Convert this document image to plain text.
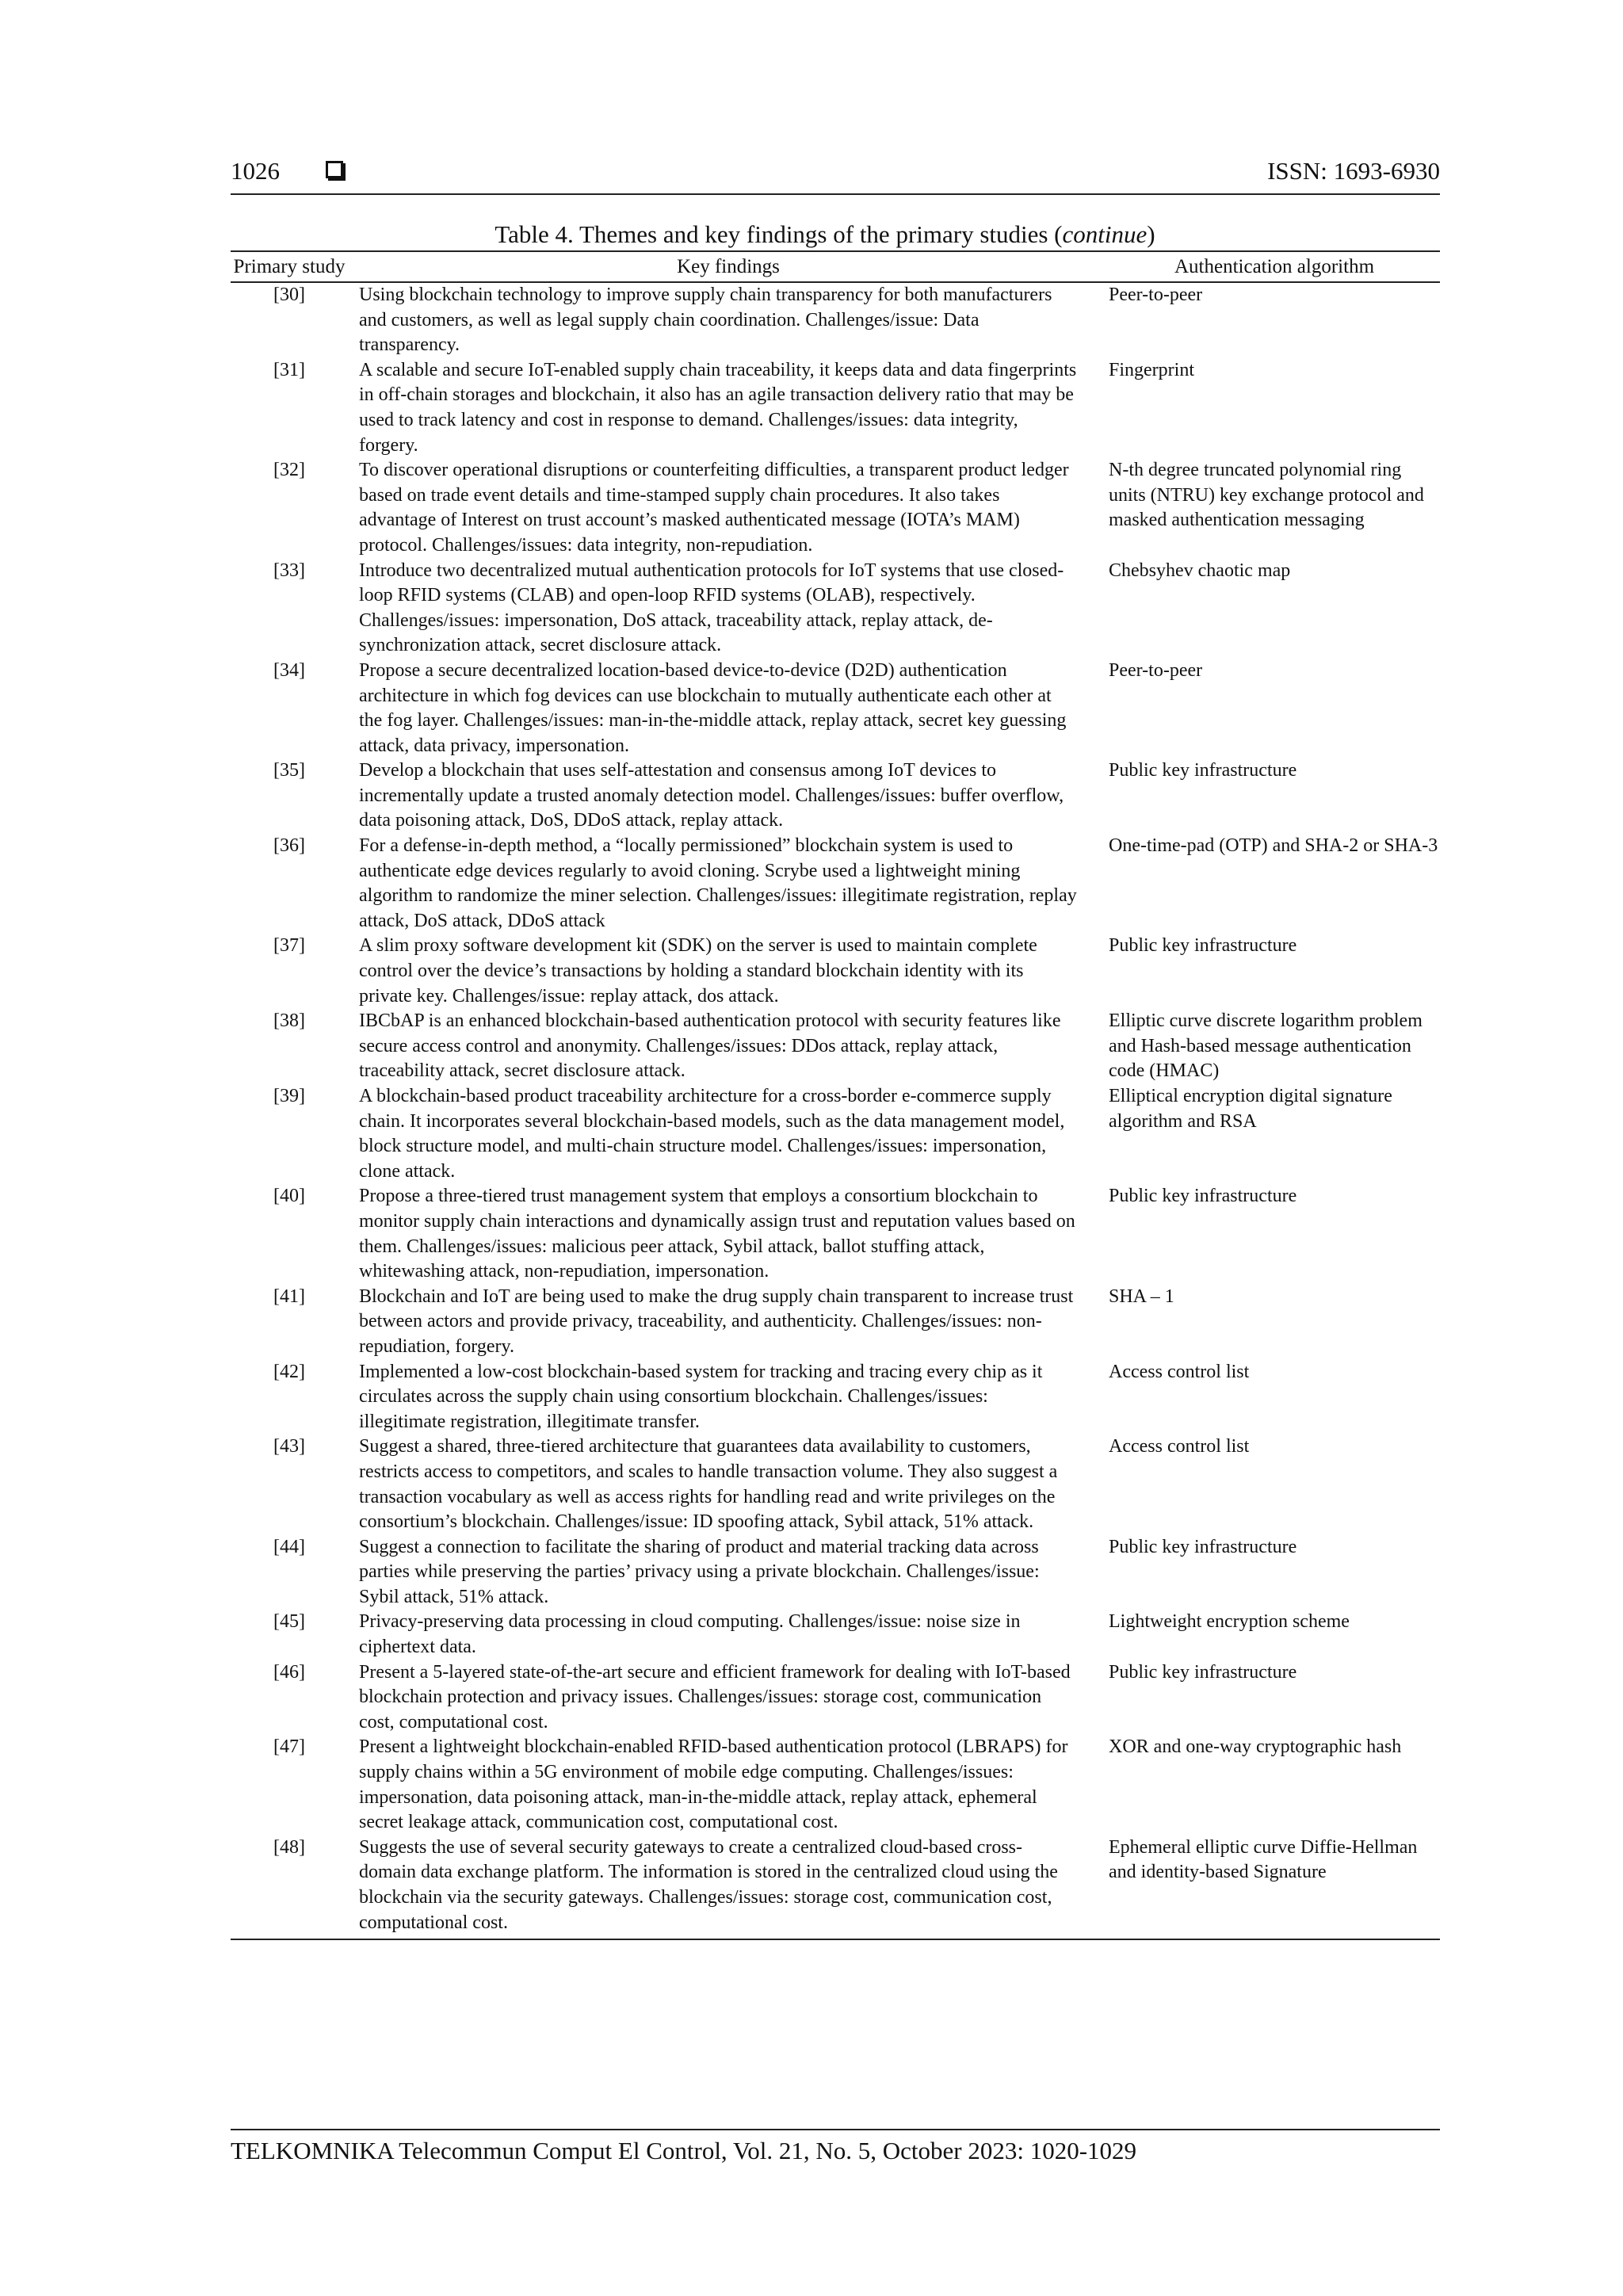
1026	ISSN: 1693-6930
Table 4. Themes and key findings of the primary studies (continue)
Primary study	Key findings	Authentication algorithm
[30]	Using blockchain technology to improve supply chain transparency for both manufacturers and customers, as well as legal supply chain coordination. Challenges/issue: Data transparency.	Peer-to-peer
[31]	A scalable and secure IoT-enabled supply chain traceability, it keeps data and data fingerprints in off-chain storages and blockchain, it also has an agile transaction delivery ratio that may be used to track latency and cost in response to demand. Challenges/issues: data integrity, forgery.	Fingerprint
[32]	To discover operational disruptions or counterfeiting difficulties, a transparent product ledger based on trade event details and time-stamped supply chain procedures. It also takes advantage of Interest on trust account’s masked authenticated message (IOTA’s MAM) protocol. Challenges/issues: data integrity, non-repudiation.	N-th degree truncated polynomial ring units (NTRU) key exchange protocol and masked authentication messaging
[33]	Introduce two decentralized mutual authentication protocols for IoT systems that use closed-loop RFID systems (CLAB) and open-loop RFID systems (OLAB), respectively. Challenges/issues: impersonation, DoS attack, traceability attack, replay attack, de-synchronization attack, secret disclosure attack.	Chebsyhev chaotic map
[34]	Propose a secure decentralized location-based device-to-device (D2D) authentication architecture in which fog devices can use blockchain to mutually authenticate each other at the fog layer. Challenges/issues: man-in-the-middle attack, replay attack, secret key guessing attack, data privacy, impersonation.	Peer-to-peer
[35]	Develop a blockchain that uses self-attestation and consensus among IoT devices to incrementally update a trusted anomaly detection model. Challenges/issues: buffer overflow, data poisoning attack, DoS, DDoS attack, replay attack.	Public key infrastructure
[36]	For a defense-in-depth method, a “locally permissioned” blockchain system is used to authenticate edge devices regularly to avoid cloning. Scrybe used a lightweight mining algorithm to randomize the miner selection. Challenges/issues: illegitimate registration, replay attack, DoS attack, DDoS attack	One-time-pad (OTP) and SHA-2 or SHA-3
[37]	A slim proxy software development kit (SDK) on the server is used to maintain complete control over the device’s transactions by holding a standard blockchain identity with its private key. Challenges/issue: replay attack, dos attack.	Public key infrastructure
[38]	IBCbAP is an enhanced blockchain-based authentication protocol with security features like secure access control and anonymity. Challenges/issues: DDos attack, replay attack, traceability attack, secret disclosure attack.	Elliptic curve discrete logarithm problem and Hash-based message authentication code (HMAC)
[39]	A blockchain-based product traceability architecture for a cross-border e-commerce supply chain. It incorporates several blockchain-based models, such as the data management model, block structure model, and multi-chain structure model. Challenges/issues: impersonation, clone attack.	Elliptical encryption digital signature algorithm and RSA
[40]	Propose a three-tiered trust management system that employs a consortium blockchain to monitor supply chain interactions and dynamically assign trust and reputation values based on them. Challenges/issues: malicious peer attack, Sybil attack, ballot stuffing attack, whitewashing attack, non-repudiation, impersonation.	Public key infrastructure
[41]	Blockchain and IoT are being used to make the drug supply chain transparent to increase trust between actors and provide privacy, traceability, and authenticity. Challenges/issues: non-repudiation, forgery.	SHA – 1
[42]	Implemented a low-cost blockchain-based system for tracking and tracing every chip as it circulates across the supply chain using consortium blockchain. Challenges/issues: illegitimate registration, illegitimate transfer.	Access control list
[43]	Suggest a shared, three-tiered architecture that guarantees data availability to customers, restricts access to competitors, and scales to handle transaction volume. They also suggest a transaction vocabulary as well as access rights for handling read and write privileges on the consortium’s blockchain. Challenges/issue: ID spoofing attack, Sybil attack, 51% attack.	Access control list
[44]	Suggest a connection to facilitate the sharing of product and material tracking data across parties while preserving the parties’ privacy using a private blockchain. Challenges/issue: Sybil attack, 51% attack.	Public key infrastructure
[45]	Privacy-preserving data processing in cloud computing. Challenges/issue: noise size in ciphertext data.	Lightweight encryption scheme
[46]	Present a 5-layered state-of-the-art secure and efficient framework for dealing with IoT-based blockchain protection and privacy issues. Challenges/issues: storage cost, communication cost, computational cost.	Public key infrastructure
[47]	Present a lightweight blockchain-enabled RFID-based authentication protocol (LBRAPS) for supply chains within a 5G environment of mobile edge computing. Challenges/issues: impersonation, data poisoning attack, man-in-the-middle attack, replay attack, ephemeral secret leakage attack, communication cost, computational cost.	XOR and one-way cryptographic hash
[48]	Suggests the use of several security gateways to create a centralized cloud-based cross-domain data exchange platform. The information is stored in the centralized cloud using the blockchain via the security gateways. Challenges/issues: storage cost, communication cost, computational cost.	Ephemeral elliptic curve Diffie-Hellman and identity-based Signature
TELKOMNIKA Telecommun Comput El Control, Vol. 21, No. 5, October 2023: 1020-1029
